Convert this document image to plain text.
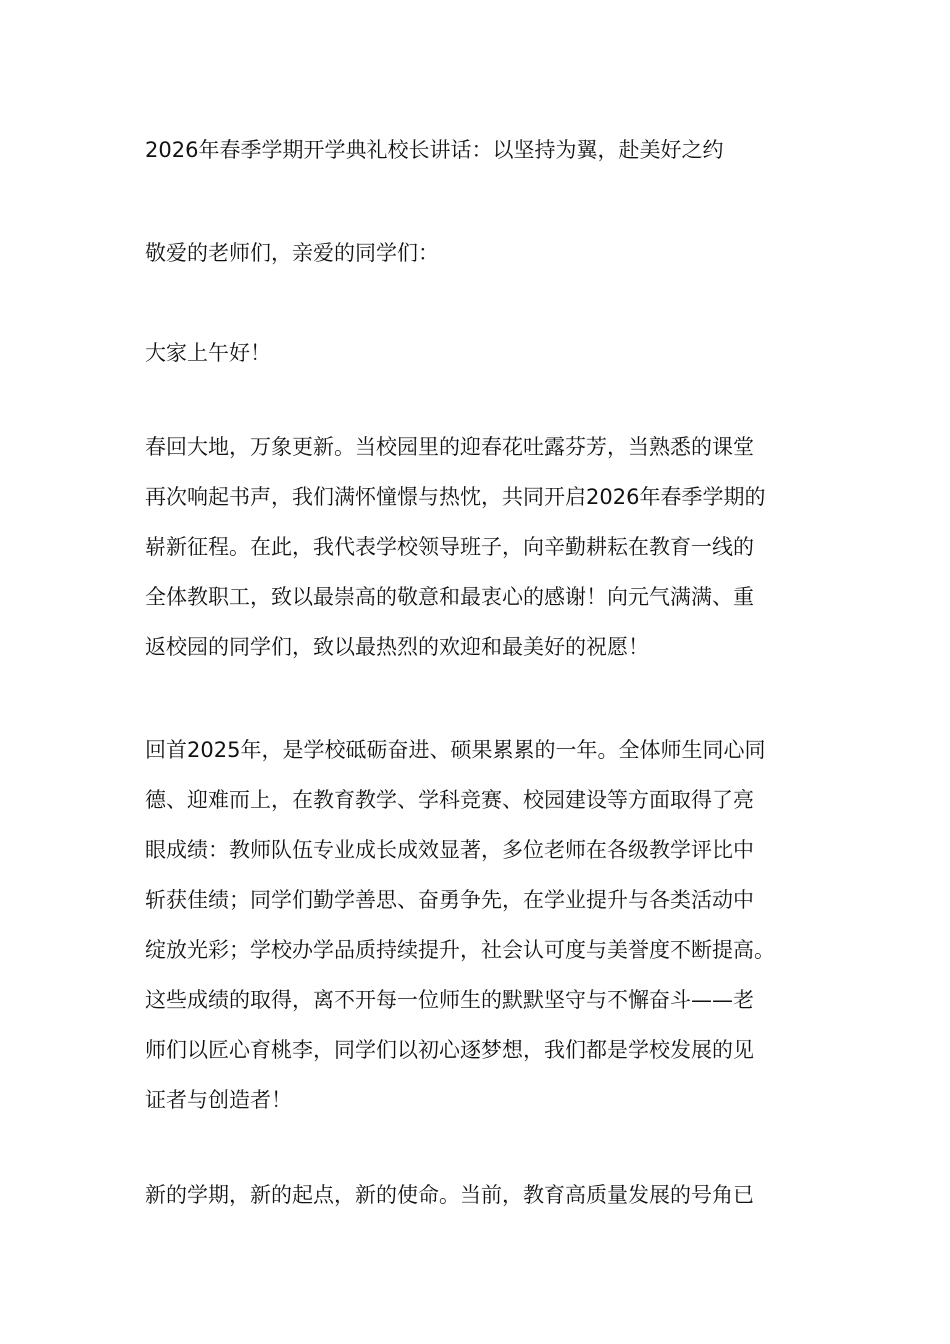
2026年春季学期开学典礼校长讲话：以坚持为翼，赴美好之约

敬爱的老师们，亲爱的同学们：

大家上午好！

春回大地，万象更新。当校园里的迎春花吐露芬芳，当熟悉的课堂
再次响起书声，我们满怀憧憬与热忱，共同开启2026年春季学期的
崭新征程。在此，我代表学校领导班子，向辛勤耕耘在教育一线的
全体教职工，致以最崇高的敬意和最衷心的感谢！向元气满满、重
返校园的同学们，致以最热烈的欢迎和最美好的祝愿！
回首2025年，是学校砥砺奋进、硕果累累的一年。全体师生同心同
德、迎难而上，在教育教学、学科竞赛、校园建设等方面取得了亮
眼成绩：教师队伍专业成长成效显著，多位老师在各级教学评比中
斩获佳绩；同学们勤学善思、奋勇争先，在学业提升与各类活动中
绽放光彩；学校办学品质持续提升，社会认可度与美誉度不断提高。
这些成绩的取得，离不开每一位师生的默默坚守与不懈奋斗——老
师们以匠心育桃李，同学们以初心逐梦想，我们都是学校发展的见
证者与创造者！
新的学期，新的起点，新的使命。当前，教育高质量发展的号角已
